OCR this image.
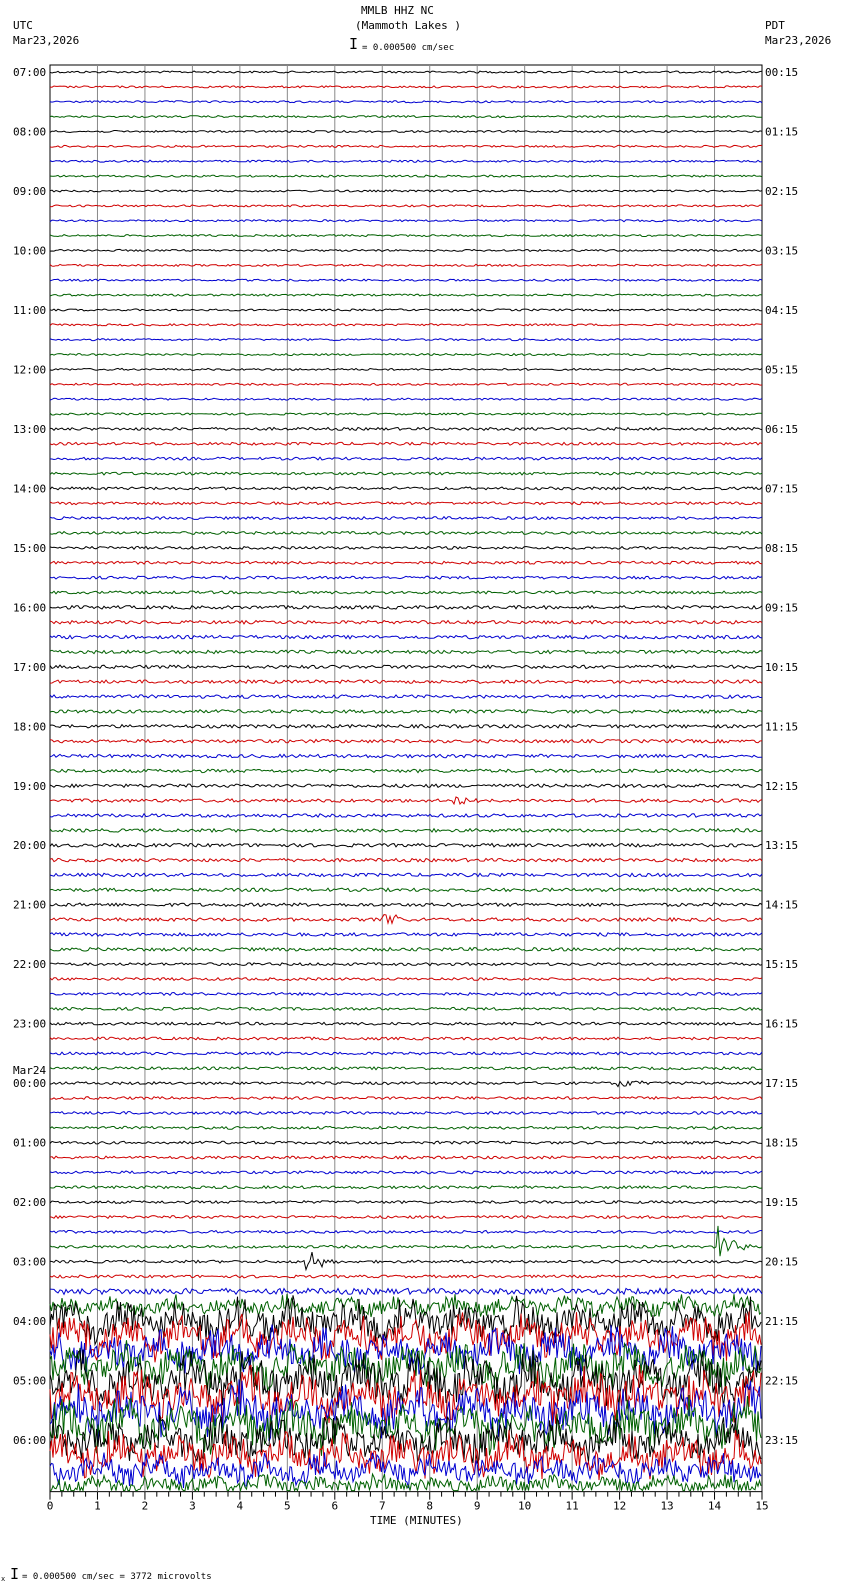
MMLB HHZ NC
(Mammoth Lakes )
UTC
Mar23,2026
PDT
Mar23,2026
I = 0.000500 cm/sec
TIME (MINUTES)
x I = 0.000500 cm/sec = 3772 microvolts
0	1	2	3	4	5	6	7	8	9	10	11	12	13	14	15
07:00
08:00
09:00
10:00
11:00
12:00
13:00
14:00
15:00
16:00
17:00
18:00
19:00
20:00
21:00
22:00
23:00
00:00
Mar24
01:00
02:00
03:00
04:00
05:00
06:00
00:15
01:15
02:15
03:15
04:15
05:15
06:15
07:15
08:15
09:15
10:15
11:15
12:15
13:15
14:15
15:15
16:15
17:15
18:15
19:15
20:15
21:15
22:15
23:15
